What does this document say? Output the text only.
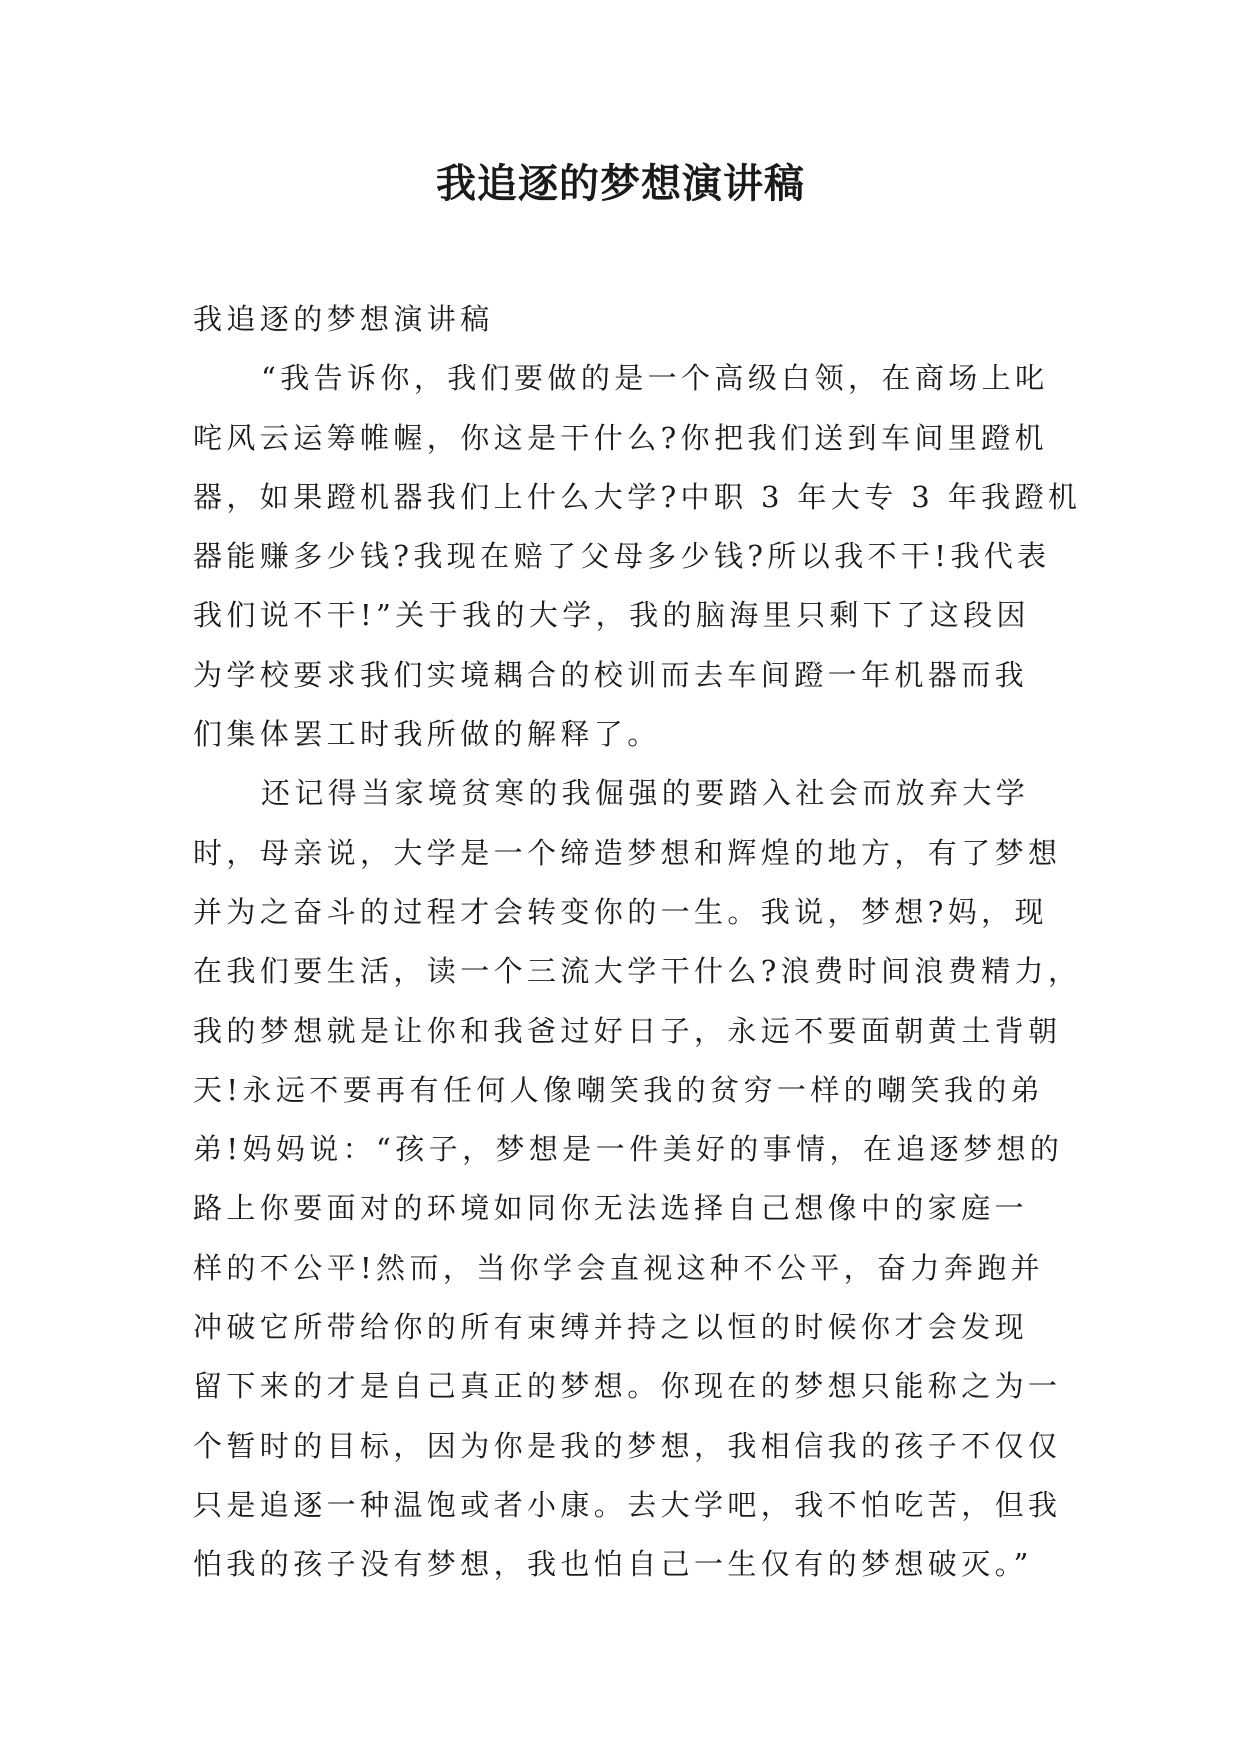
我追逐的梦想演讲稿
我追逐的梦想演讲稿
“我告诉你，我们要做的是一个高级白领，在商场上叱
咤风云运筹帷幄，你这是干什么?你把我们送到车间里蹬机
器，如果蹬机器我们上什么大学?中职 3 年大专 3 年我蹬机
器能赚多少钱?我现在赔了父母多少钱?所以我不干!我代表
我们说不干!”关于我的大学，我的脑海里只剩下了这段因
为学校要求我们实境耦合的校训而去车间蹬一年机器而我
们集体罢工时我所做的解释了。
还记得当家境贫寒的我倔强的要踏入社会而放弃大学
时，母亲说，大学是一个缔造梦想和辉煌的地方，有了梦想
并为之奋斗的过程才会转变你的一生。我说，梦想?妈，现
在我们要生活，读一个三流大学干什么?浪费时间浪费精力，
我的梦想就是让你和我爸过好日子，永远不要面朝黄土背朝
天!永远不要再有任何人像嘲笑我的贫穷一样的嘲笑我的弟
弟!妈妈说：“孩子，梦想是一件美好的事情，在追逐梦想的
路上你要面对的环境如同你无法选择自己想像中的家庭一
样的不公平!然而，当你学会直视这种不公平，奋力奔跑并
冲破它所带给你的所有束缚并持之以恒的时候你才会发现
留下来的才是自己真正的梦想。你现在的梦想只能称之为一
个暂时的目标，因为你是我的梦想，我相信我的孩子不仅仅
只是追逐一种温饱或者小康。去大学吧，我不怕吃苦，但我
怕我的孩子没有梦想，我也怕自己一生仅有的梦想破灭。”
